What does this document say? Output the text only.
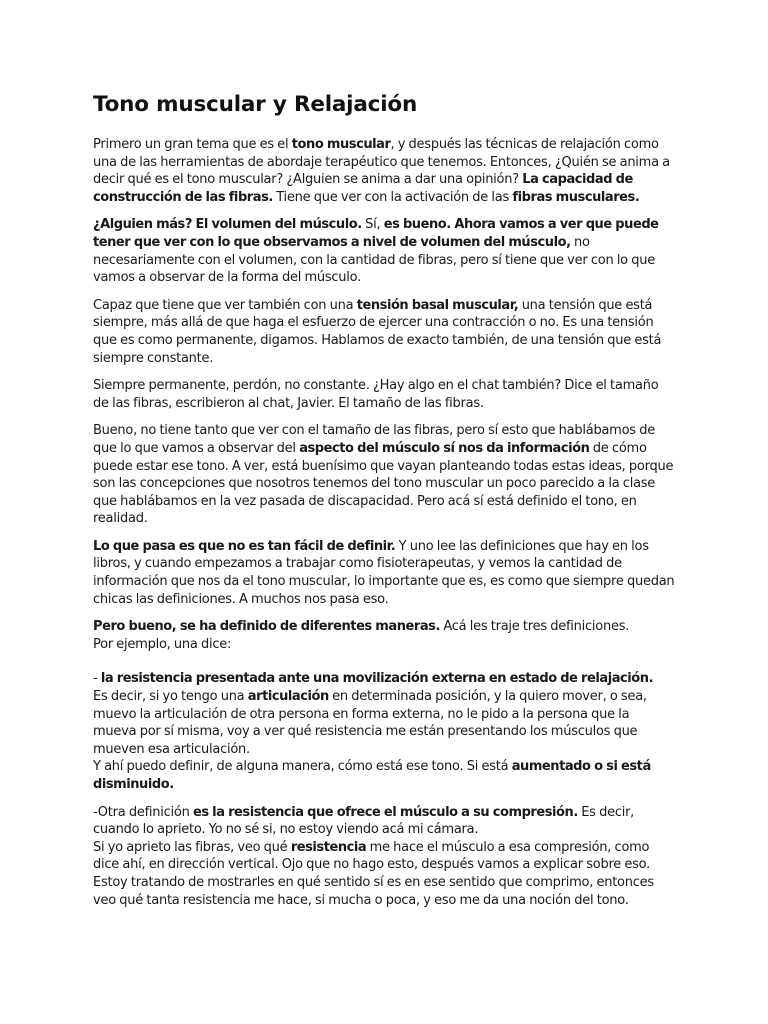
Tono muscular y Relajación

Primero un gran tema que es el tono muscular, y después las técnicas de relajación como una de las herramientas de abordaje terapéutico que tenemos. Entonces, ¿Quién se anima a decir qué es el tono muscular? ¿Alguien se anima a dar una opinión? La capacidad de construcción de las fibras. Tiene que ver con la activación de las fibras musculares.

¿Alguien más? El volumen del músculo. Sí, es bueno. Ahora vamos a ver que puede tener que ver con lo que observamos a nivel de volumen del músculo, no necesariamente con el volumen, con la cantidad de fibras, pero sí tiene que ver con lo que vamos a observar de la forma del músculo.

Capaz que tiene que ver también con una tensión basal muscular, una tensión que está siempre, más allá de que haga el esfuerzo de ejercer una contracción o no. Es una tensión que es como permanente, digamos. Hablamos de exacto también, de una tensión que está siempre constante.

Siempre permanente, perdón, no constante. ¿Hay algo en el chat también? Dice el tamaño de las fibras, escribieron al chat, Javier. El tamaño de las fibras.

Bueno, no tiene tanto que ver con el tamaño de las fibras, pero sí esto que hablábamos de que lo que vamos a observar del aspecto del músculo sí nos da información de cómo puede estar ese tono. A ver, está buenísimo que vayan planteando todas estas ideas, porque son las concepciones que nosotros tenemos del tono muscular un poco parecido a la clase que hablábamos en la vez pasada de discapacidad. Pero acá sí está definido el tono, en realidad.

Lo que pasa es que no es tan fácil de definir. Y uno lee las definiciones que hay en los libros, y cuando empezamos a trabajar como fisioterapeutas, y vemos la cantidad de información que nos da el tono muscular, lo importante que es, es como que siempre quedan chicas las definiciones. A muchos nos pasa eso.

Pero bueno, se ha definido de diferentes maneras. Acá les traje tres definiciones.
Por ejemplo, una dice:

- la resistencia presentada ante una movilización externa en estado de relajación.
Es decir, si yo tengo una articulación en determinada posición, y la quiero mover, o sea, muevo la articulación de otra persona en forma externa, no le pido a la persona que la mueva por sí misma, voy a ver qué resistencia me están presentando los músculos que mueven esa articulación.
Y ahí puedo definir, de alguna manera, cómo está ese tono. Si está aumentado o si está disminuido.

-Otra definición es la resistencia que ofrece el músculo a su compresión. Es decir, cuando lo aprieto. Yo no sé si, no estoy viendo acá mi cámara.
Si yo aprieto las fibras, veo qué resistencia me hace el músculo a esa compresión, como dice ahí, en dirección vertical. Ojo que no hago esto, después vamos a explicar sobre eso. Estoy tratando de mostrarles en qué sentido sí es en ese sentido que comprimo, entonces veo qué tanta resistencia me hace, si mucha o poca, y eso me da una noción del tono.
